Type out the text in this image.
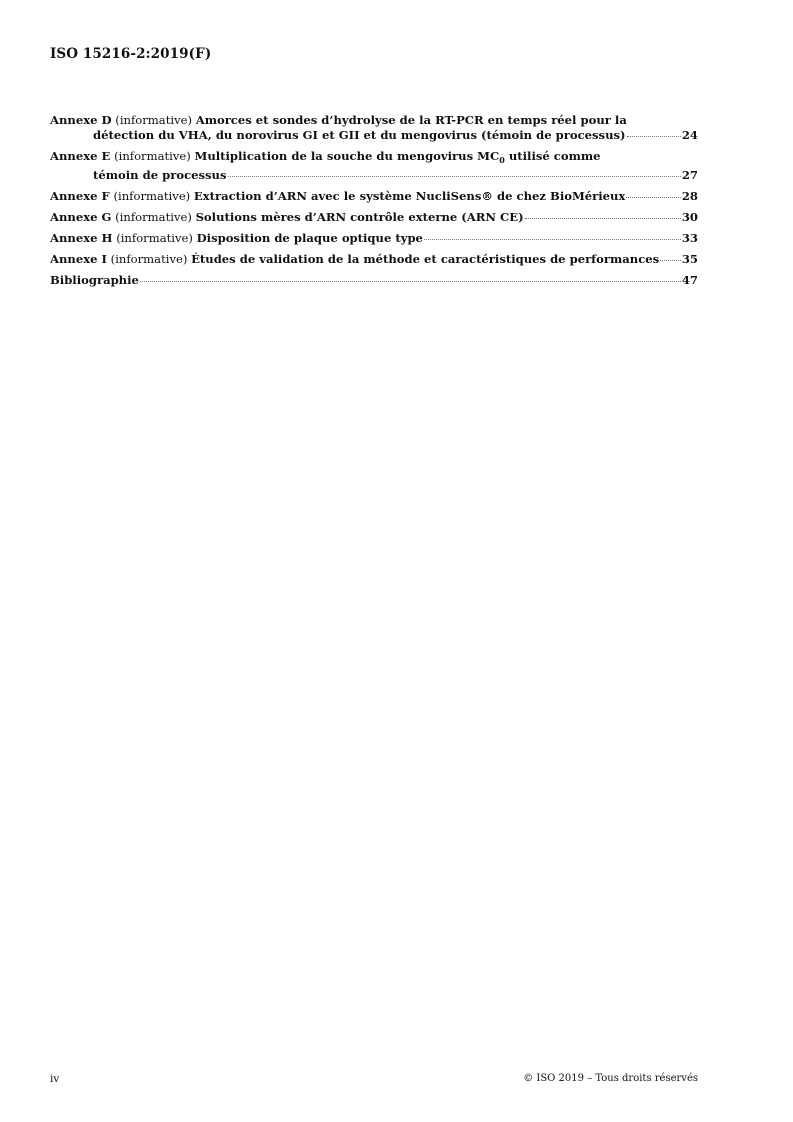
ISO 15216-2:2019(F)
Annexe D (informative) Amorces et sondes d’hydrolyse de la RT-PCR en temps réel pour la
détection du VHA, du norovirus GI et GII et du mengovirus (témoin de processus)	24
Annexe E (informative) Multiplication de la souche du mengovirus $MC_0$ utilisé comme
témoin de processus	27
Annexe F (informative) Extraction d’ARN avec le système NucliSens® de chez BioMérieux	28
Annexe G (informative) Solutions mères d’ARN contrôle externe (ARN CE)	30
Annexe H (informative) Disposition de plaque optique type	33
Annexe I (informative) Études de validation de la méthode et caractéristiques de performances 35
Bibliographie	47
iv	© ISO 2019 – Tous droits réservés
